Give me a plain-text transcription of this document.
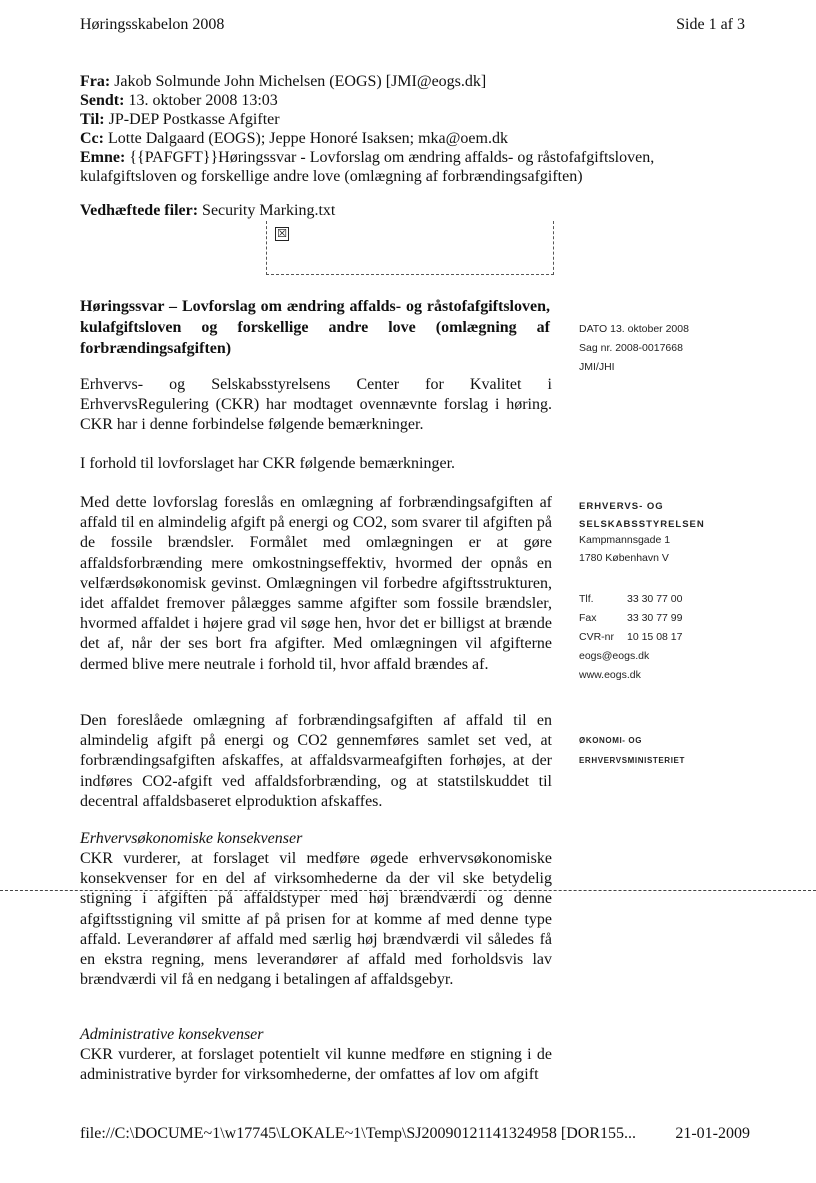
Høringsskabelon 2008	Side 1 af 3
Fra: Jakob Solmunde John Michelsen (EOGS) [JMI@eogs.dk]
Sendt: 13. oktober 2008 13:03
Til: JP-DEP Postkasse Afgifter
Cc: Lotte Dalgaard (EOGS); Jeppe Honoré Isaksen; mka@oem.dk
Emne: {{PAFGFT}}Høringssvar - Lovforslag om ændring affalds- og råstofafgiftsloven, kulafgiftsloven og forskellige andre love (omlægning af forbrændingsafgiften)
Vedhæftede filer: Security Marking.txt
☒
Høringssvar – Lovforslag om ændring affalds- og råstofafgiftsloven, kulafgiftsloven og forskellige andre love (omlægning af forbrændingsafgiften)
Erhvervs- og Selskabsstyrelsens Center for Kvalitet i ErhvervsRegulering (CKR) har modtaget ovennævnte forslag i høring. CKR har i denne forbindelse følgende bemærkninger.
I forhold til lovforslaget har CKR følgende bemærkninger.
Med dette lovforslag foreslås en omlægning af forbrændingsafgiften af affald til en almindelig afgift på energi og CO2, som svarer til afgiften på de fossile brændsler. Formålet med omlægningen er at gøre affaldsforbrænding mere omkostningseffektiv, hvormed der opnås en velfærdsøkonomisk gevinst. Omlægningen vil forbedre afgiftsstrukturen, idet affaldet fremover pålægges samme afgifter som fossile brændsler, hvormed affaldet i højere grad vil søge hen, hvor det er billigst at brænde det af, når der ses bort fra afgifter. Med omlægningen vil afgifterne dermed blive mere neutrale i forhold til, hvor affald brændes af.
Den foreslåede omlægning af forbrændingsafgiften af affald til en almindelig afgift på energi og CO2 gennemføres samlet set ved, at forbrændingsafgiften afskaffes, at affaldsvarmeafgiften forhøjes, at der indføres CO2-afgift ved affaldsforbrænding, og at statstilskuddet til decentral affaldsbaseret elproduktion afskaffes.
Erhvervsøkonomiske konsekvenser
CKR vurderer, at forslaget vil medføre øgede erhvervsøkonomiske konsekvenser for en del af virksomhederne da der vil ske betydelig stigning i afgiften på affaldstyper med høj brændværdi og denne afgiftsstigning vil smitte af på prisen for at komme af med denne type affald. Leverandører af affald med særlig høj brændværdi vil således få en ekstra regning, mens leverandører af affald med forholdsvis lav brændværdi vil få en nedgang i betalingen af affaldsgebyr.
Administrative konsekvenser
CKR vurderer, at forslaget potentielt vil kunne medføre en stigning i de administrative byrder for virksomhederne, der omfattes af lov om afgift
DATO 13. oktober 2008
Sag nr. 2008-0017668
JMI/JHI
ERHVERVS- OG
SELSKABSSTYRELSEN
Kampmannsgade 1
1780 København V
Tlf.	33 30 77 00
Fax	33 30 77 99
CVR-nr 10 15 08 17
eogs@eogs.dk
www.eogs.dk
ØKONOMI- OG
ERHVERVSMINISTERIET
file://C:\DOCUME~1\w17745\LOKALE~1\Temp\SJ20090121141324958 [DOR155... 21-01-2009
